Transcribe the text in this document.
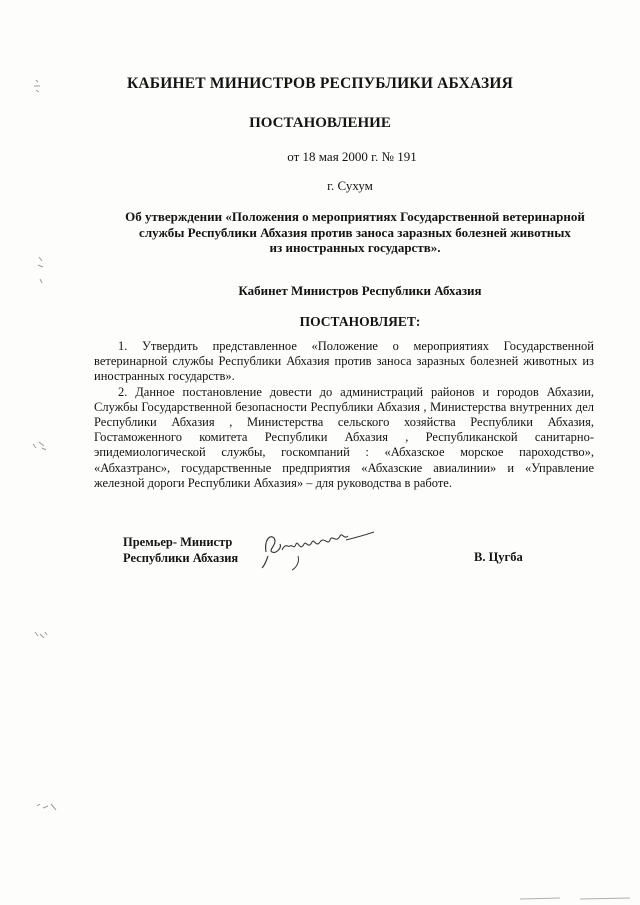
КАБИНЕТ МИНИСТРОВ РЕСПУБЛИКИ АБХАЗИЯ
ПОСТАНОВЛЕНИЕ
от 18 мая 2000 г. № 191
г. Сухум
Об утверждении «Положения о мероприятиях Государственной ветеринарной
службы Республики Абхазия против заноса заразных болезней животных
из иностранных государств».
Кабинет Министров Республики Абхазия
ПОСТАНОВЛЯЕТ:

1. Утвердить представленное «Положение о мероприятиях Государственной ветеринарной службы Республики Абхазия против заноса заразных болезней животных из иностранных государств».

2. Данное постановление довести до администраций районов и городов Абхазии, Службы Государственной безопасности Республики Абхазия , Министерства внутренних дел Республики Абхазия , Министерства сельского хозяйства Республики Абхазия, Гостаможенного комитета Республики Абхазия , Республиканской санитарно-эпидемиологической службы, госкомпаний : «Абхазское морское пароходство», «Абхазтранс», государственные предприятия «Абхазские авиалинии» и «Управление железной дороги Республики Абхазия» – для руководства в работе.

Премьер- Министр
Республики Абхазия	В. Цугба
